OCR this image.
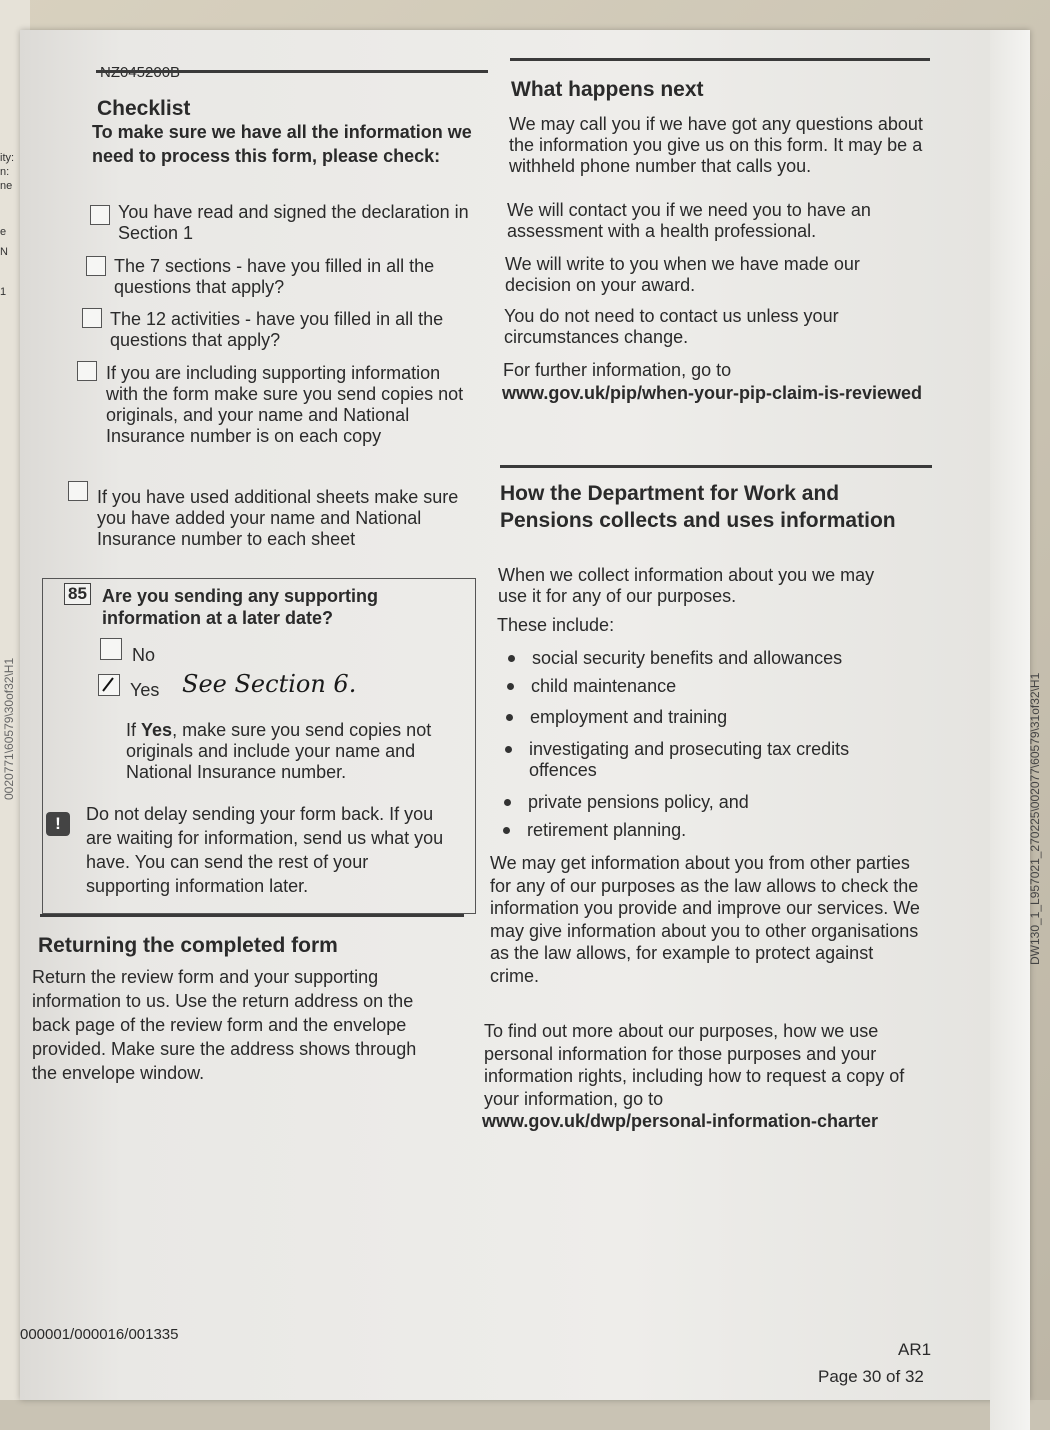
ity:
n:
ne
e
N
1
Checklist
To make sure we have all the information we need to process this form, please check:
You have read and signed the declaration in Section 1
The 7 sections - have you filled in all the questions that apply?
The 12 activities - have you filled in all the questions that apply?
If you are including supporting information with the form make sure you send copies not originals, and your name and National Insurance number is on each copy
If you have used additional sheets make sure you have added your name and National Insurance number to each sheet
85 Are you sending any supporting information at a later date?
No
Yes See Section 6.
If Yes, make sure you send copies not originals and include your name and National Insurance number.
!	Do not delay sending your form back. If you are waiting for information, send us what you have. You can send the rest of your supporting information later.
Returning the completed form
Return the review form and your supporting information to us. Use the return address on the back page of the review form and the envelope provided. Make sure the address shows through the envelope window.
What happens next
We may call you if we have got any questions about the information you give us on this form. It may be a withheld phone number that calls you.
We will contact you if we need you to have an assessment with a health professional.
We will write to you when we have made our decision on your award.
You do not need to contact us unless your circumstances change.
For further information, go to
www.gov.uk/pip/when-your-pip-claim-is-reviewed
How the Department for Work and Pensions collects and uses information
When we collect information about you we may use it for any of our purposes.
These include:
social security benefits and allowances
child maintenance
employment and training
investigating and prosecuting tax credits offences
private pensions policy, and
retirement planning.
We may get information about you from other parties for any of our purposes as the law allows to check the information you provide and improve our services. We may give information about you to other organisations as the law allows, for example to protect against crime.
To find out more about our purposes, how we use personal information for those purposes and your information rights, including how to request a copy of your information, go to
www.gov.uk/dwp/personal-information-charter
000001/000016/001335
AR1
Page 30 of 32
DW130_1_L957021_270225\002077\60579\31of32\H1
0020771\60579\30of32\H1
